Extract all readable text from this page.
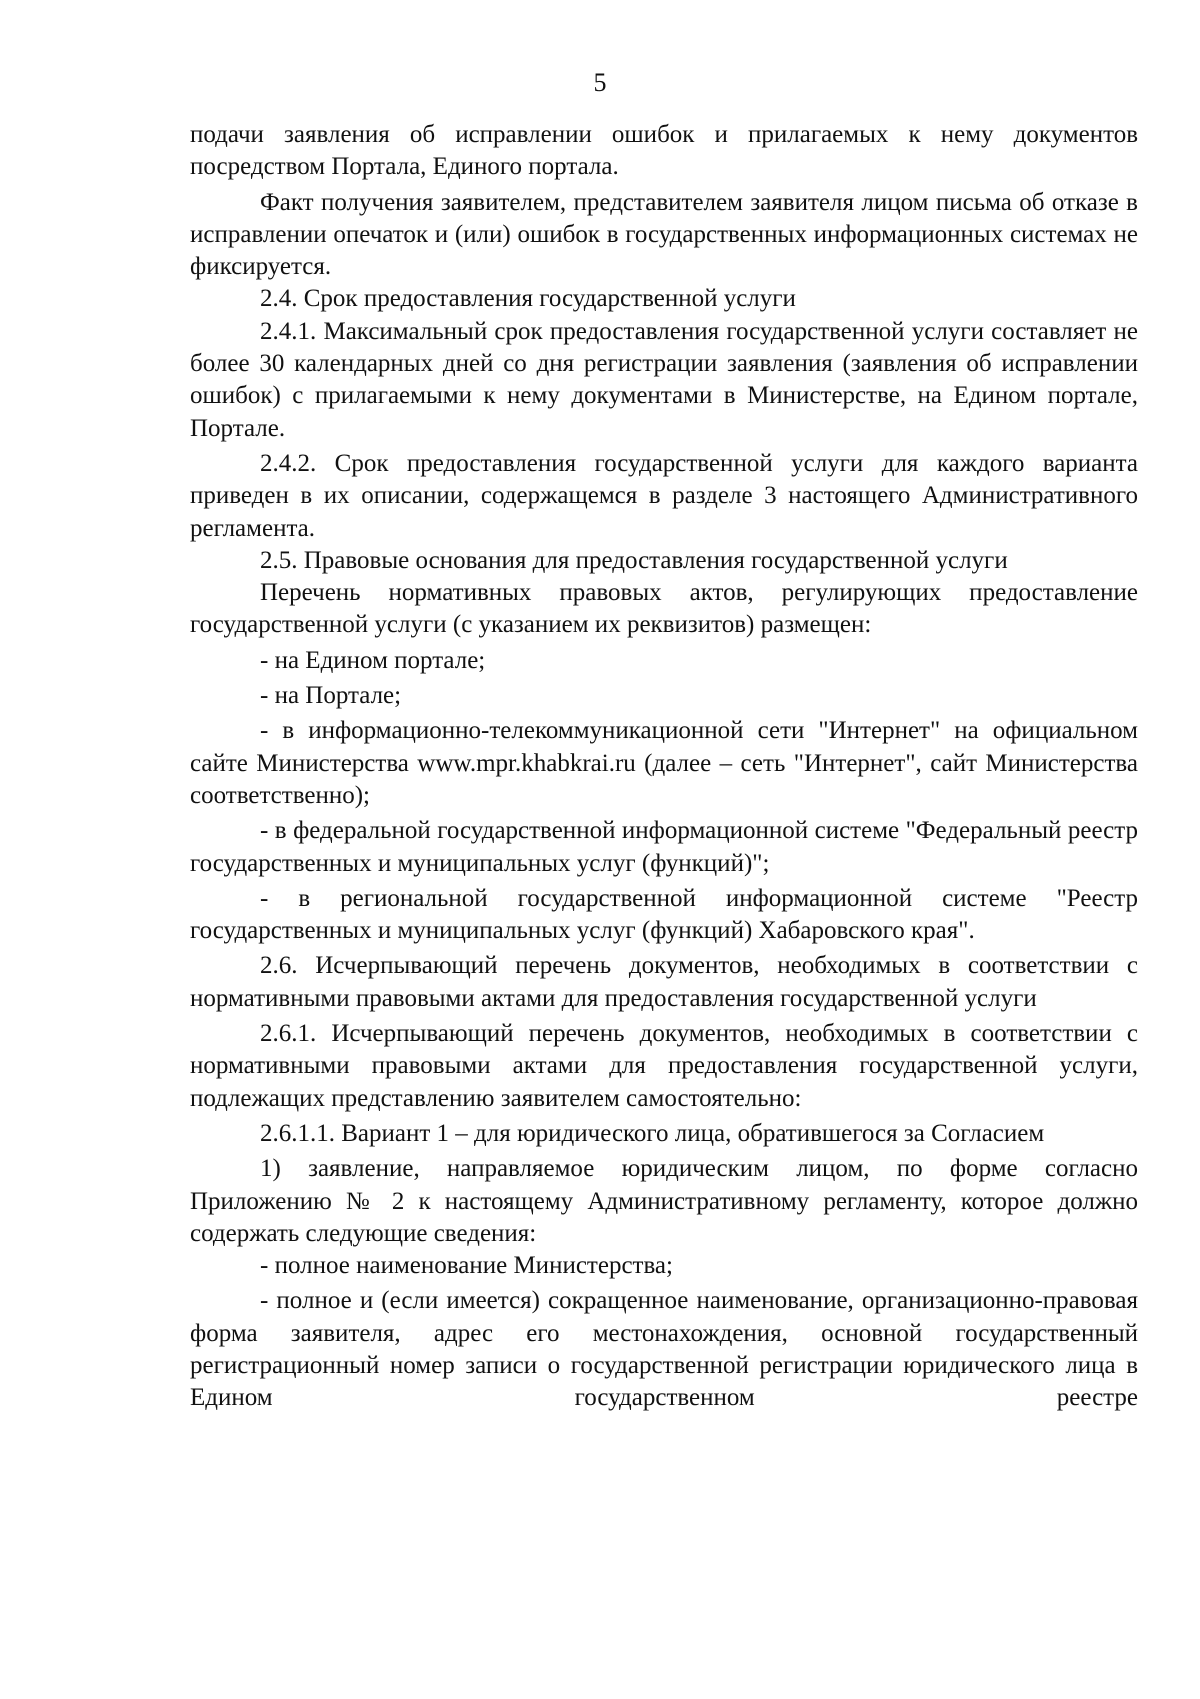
5

подачи заявления об исправлении ошибок и прилагаемых к нему документов посредством Портала, Единого портала.

Факт получения заявителем, представителем заявителя лицом письма об отказе в исправлении опечаток и (или) ошибок в государственных информационных системах не фиксируется.

2.4. Срок предоставления государственной услуги

2.4.1. Максимальный срок предоставления государственной услуги составляет не более 30 календарных дней со дня регистрации заявления (заявления об исправлении ошибок) с прилагаемыми к нему документами в Министерстве, на Едином портале, Портале.

2.4.2. Срок предоставления государственной услуги для каждого варианта приведен в их описании, содержащемся в разделе 3 настоящего Административного регламента.

2.5. Правовые основания для предоставления государственной услуги

Перечень нормативных правовых актов, регулирующих предоставление государственной услуги (с указанием их реквизитов) размещен:

- на Едином портале;

- на Портале;

- в информационно-телекоммуникационной сети "Интернет" на официальном сайте Министерства www.mpr.khabkrai.ru (далее – сеть "Интернет", сайт Министерства соответственно);

- в федеральной государственной информационной системе "Федеральный реестр государственных и муниципальных услуг (функций)";

- в региональной государственной информационной системе "Реестр государственных и муниципальных услуг (функций) Хабаровского края".

2.6. Исчерпывающий перечень документов, необходимых в соответствии с нормативными правовыми актами для предоставления государственной услуги

2.6.1. Исчерпывающий перечень документов, необходимых в соответствии с нормативными правовыми актами для предоставления государственной услуги, подлежащих представлению заявителем самостоятельно:

2.6.1.1. Вариант 1 – для юридического лица, обратившегося за Согласием

1) заявление, направляемое юридическим лицом, по форме согласно Приложению № 2 к настоящему Административному регламенту, которое должно содержать следующие сведения:

- полное наименование Министерства;

- полное и (если имеется) сокращенное наименование, организационно-правовая форма заявителя, адрес его местонахождения, основной государственный регистрационный номер записи о государственной регистрации юридического лица в Едином государственном реестре
